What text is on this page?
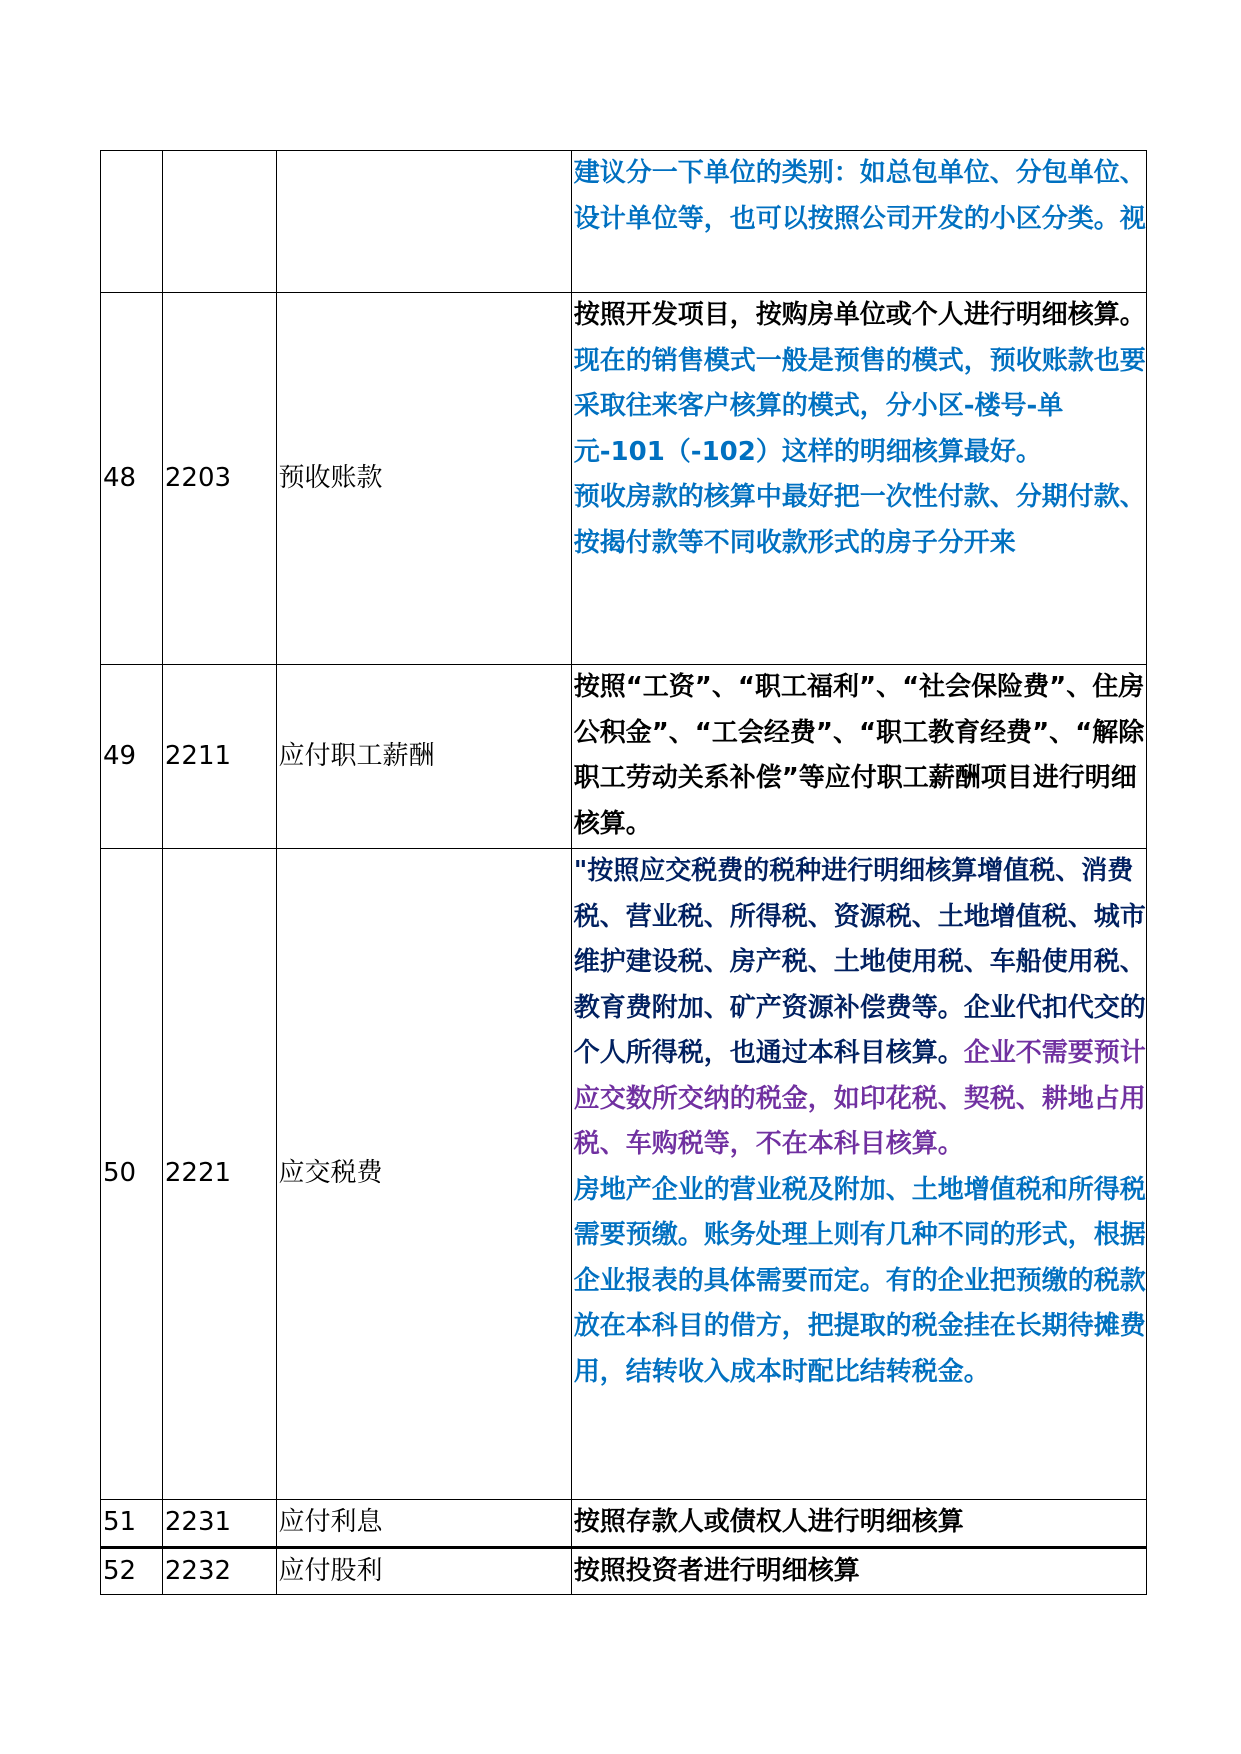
			建议分一下单位的类别：如总包单位、分包单位、设计单位等，也可以按照公司开发的小区分类。视
48	2203	预收账款	按照开发项目，按购房单位或个人进行明细核算。现在的销售模式一般是预售的模式，预收账款也要采取往来客户核算的模式，分小区-楼号-单元-101（-102）这样的明细核算最好。
预收房款的核算中最好把一次性付款、分期付款、按揭付款等不同收款形式的房子分开来

49	2211	应付职工薪酬	按照“工资”、“职工福利”、“社会保险费”、住房公积金”、“工会经费”、“职工教育经费”、“解除职工劳动关系补偿”等应付职工薪酬项目进行明细核算。
50	2221	应交税费	"按照应交税费的税种进行明细核算增值税、消费税、营业税、所得税、资源税、土地增值税、城市维护建设税、房产税、土地使用税、车船使用税、教育费附加、矿产资源补偿费等。企业代扣代交的个人所得税，也通过本科目核算。企业不需要预计应交数所交纳的税金，如印花税、契税、耕地占用税、车购税等，不在本科目核算。
房地产企业的营业税及附加、土地增值税和所得税需要预缴。账务处理上则有几种不同的形式，根据企业报表的具体需要而定。有的企业把预缴的税款放在本科目的借方，把提取的税金挂在长期待摊费用，结转收入成本时配比结转税金。

51	2231	应付利息	按照存款人或债权人进行明细核算
52	2232	应付股利	按照投资者进行明细核算
